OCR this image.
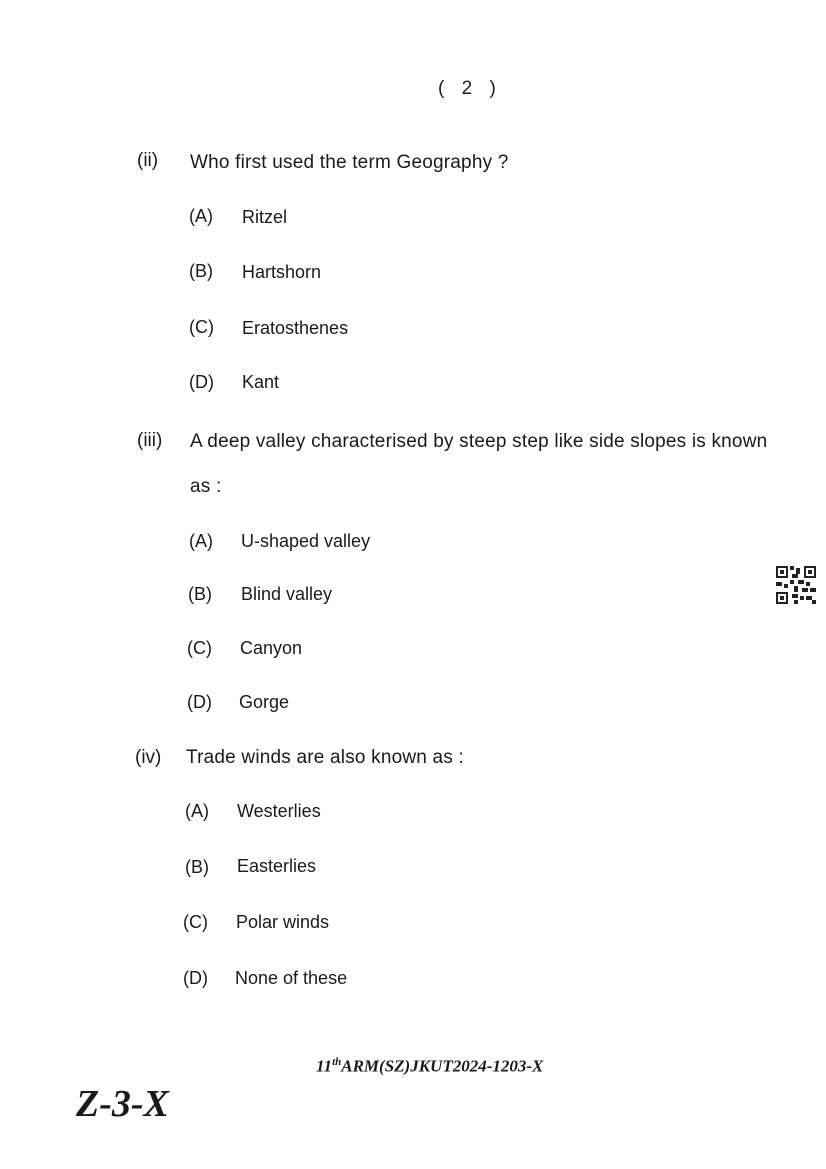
( 2 )
(ii) Who first used the term Geography ?
(A) Ritzel
(B) Hartshorn
(C) Eratosthenes
(D) Kant
(iii) A deep valley characterised by steep step like side slopes is known
as :
(A) U-shaped valley
(B) Blind valley
(C) Canyon
(D) Gorge
(iv) Trade winds are also known as :
(A) Westerlies
(B) Easterlies
(C) Polar winds
(D) None of these
11thARM(SZ)JKUT2024-1203-X
Z-3-X
